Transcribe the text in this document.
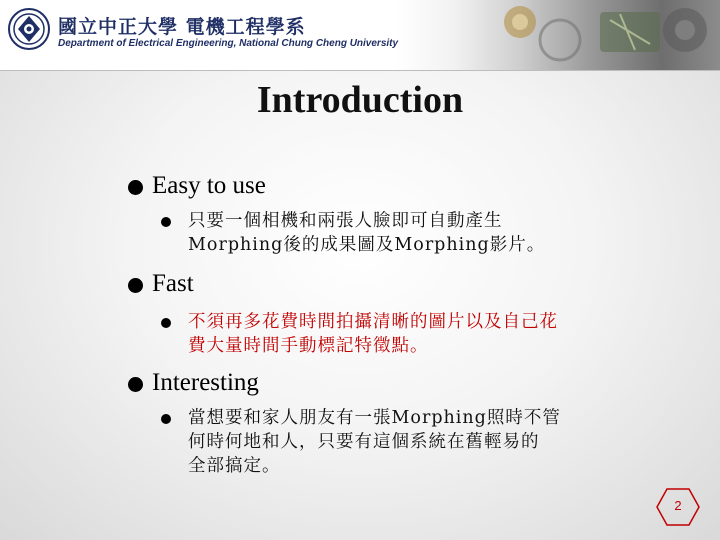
國立中正大學 電機工程學系
Department of Electrical Engineering, National Chung Cheng University
Introduction
Easy to use
只要一個相機和兩張人臉即可自動產生
Morphing後的成果圖及Morphing影片。
Fast
不須再多花費時間拍攝清晰的圖片以及自己花
費大量時間手動標記特徵點。
Interesting
當想要和家人朋友有一張Morphing照時不管
何時何地和人，只要有這個系統在舊輕易的
全部搞定。
2
